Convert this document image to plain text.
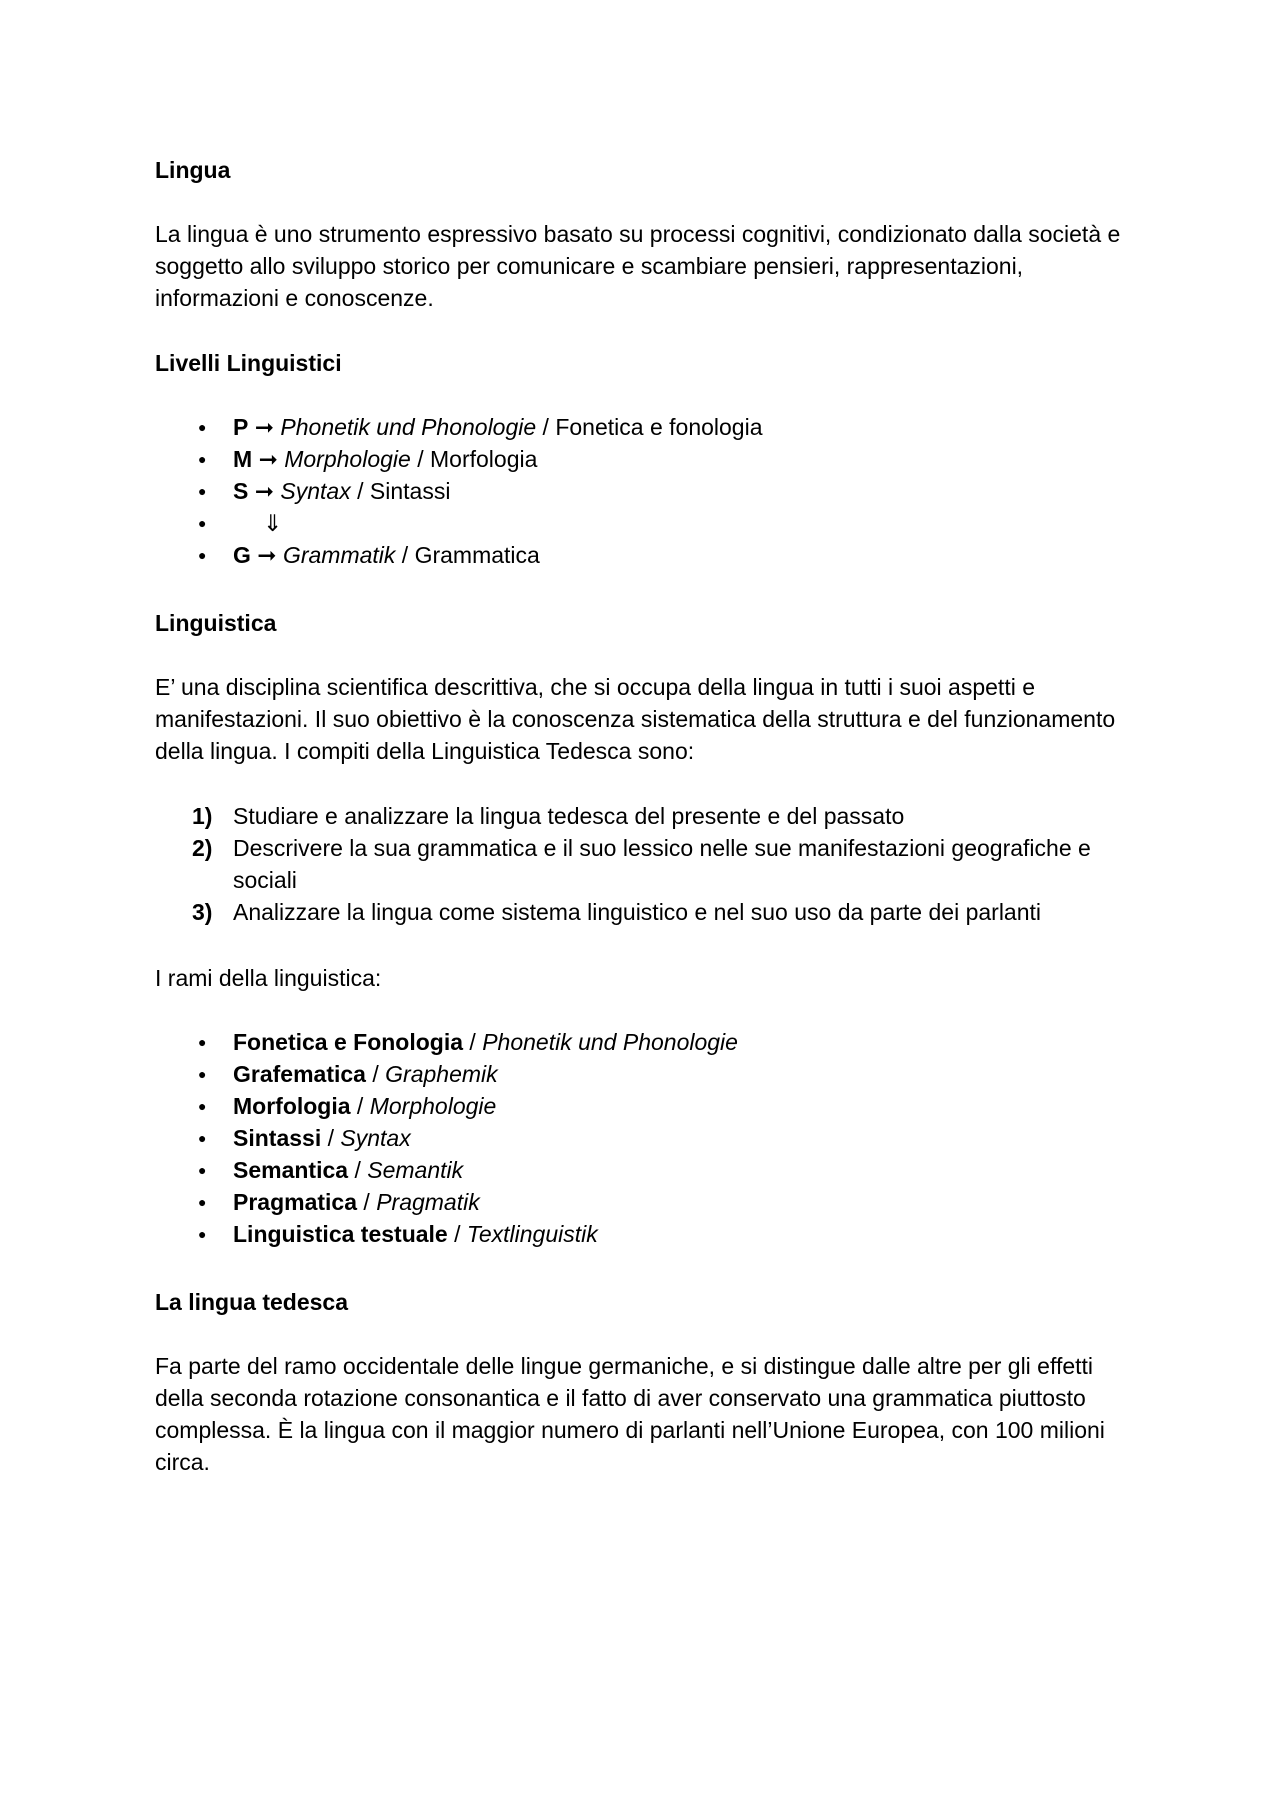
Lingua

La lingua è uno strumento espressivo basato su processi cognitivi, condizionato dalla società e soggetto allo sviluppo storico per comunicare e scambiare pensieri, rappresentazioni, informazioni e conoscenze.

Livelli Linguistici
● P ➞ Phonetik und Phonologie / Fonetica e fonologia
● M ➞ Morphologie / Morfologia
● S ➞ Syntax / Sintassi
● ⇓
● G ➞ Grammatik / Grammatica
Linguistica

E’ una disciplina scientifica descrittiva, che si occupa della lingua in tutti i suoi aspetti e manifestazioni. Il suo obiettivo è la conoscenza sistematica della struttura e del funzionamento della lingua. I compiti della Linguistica Tedesca sono:

1) Studiare e analizzare la lingua tedesca del presente e del passato
2) Descrivere la sua grammatica e il suo lessico nelle sue manifestazioni geografiche e sociali
3) Analizzare la lingua come sistema linguistico e nel suo uso da parte dei parlanti

I rami della linguistica:

● Fonetica e Fonologia / Phonetik und Phonologie
● Grafematica / Graphemik
● Morfologia / Morphologie
● Sintassi / Syntax
● Semantica / Semantik
● Pragmatica / Pragmatik
● Linguistica testuale / Textlinguistik
La lingua tedesca

Fa parte del ramo occidentale delle lingue germaniche, e si distingue dalle altre per gli effetti della seconda rotazione consonantica e il fatto di aver conservato una grammatica piuttosto complessa. È la lingua con il maggior numero di parlanti nell’Unione Europea, con 100 milioni circa.
